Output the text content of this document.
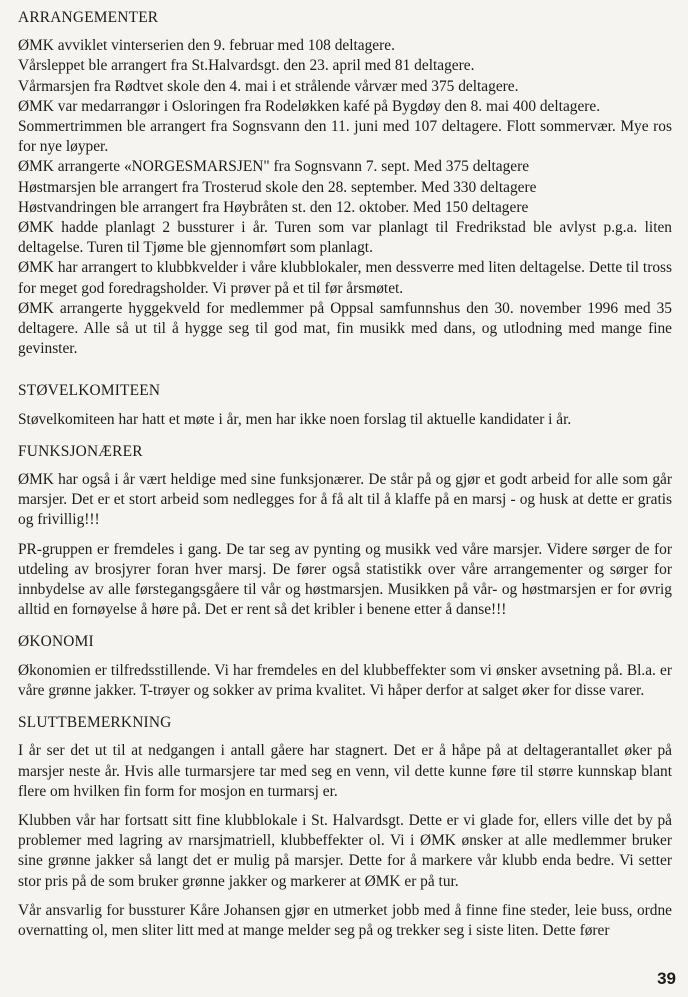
ARRANGEMENTER

ØMK avviklet vinterserien den 9. februar med 108 deltagere.

Vårsleppet ble arrangert fra St.Halvardsgt. den 23. april med 81 deltagere.

Vårmarsjen fra Rødtvet skole den 4. mai i et strålende vårvær med 375 deltagere.

ØMK var medarrangør i Osloringen fra Rodeløkken kafé på Bygdøy den 8. mai 400 deltagere.

Sommertrimmen ble arrangert fra Sognsvann den 11. juni med 107 deltagere. Flott sommervær. Mye ros for nye løyper.

ØMK arrangerte «NORGESMARSJEN" fra Sognsvann 7. sept. Med 375 deltagere

Høstmarsjen ble arrangert fra Trosterud skole den 28. september. Med 330 deltagere

Høstvandringen ble arrangert fra Høybråten st. den 12. oktober. Med 150 deltagere

ØMK hadde planlagt 2 bussturer i år. Turen som var planlagt til Fredrikstad ble avlyst p.g.a. liten deltagelse. Turen til Tjøme ble gjennomført som planlagt.

ØMK har arrangert to klubbkvelder i våre klubblokaler, men dessverre med liten deltagelse. Dette til tross for meget god foredragsholder. Vi prøver på et til før årsmøtet.

ØMK arrangerte hyggekveld for medlemmer på Oppsal samfunnshus den 30. november 1996 med 35 deltagere. Alle så ut til å hygge seg til god mat, fin musikk med dans, og utlodning med mange fine gevinster.

STØVELKOMITEEN

Støvelkomiteen har hatt et møte i år, men har ikke noen forslag til aktuelle kandidater i år.

FUNKSJONÆRER

ØMK har også i år vært heldige med sine funksjonærer. De står på og gjør et godt arbeid for alle som går marsjer. Det er et stort arbeid som nedlegges for å få alt til å klaffe på en marsj - og husk at dette er gratis og frivillig!!!

PR-gruppen er fremdeles i gang. De tar seg av pynting og musikk ved våre marsjer. Videre sørger de for utdeling av brosjyrer foran hver marsj. De fører også statistikk over våre arrangementer og sørger for innbydelse av alle førstegangsgåere til vår og høstmarsjen. Musikken på vår- og høstmarsjen er for øvrig alltid en fornøyelse å høre på. Det er rent så det kribler i benene etter å danse!!!

ØKONOMI

Økonomien er tilfredsstillende. Vi har fremdeles en del klubbeffekter som vi ønsker avsetning på. Bl.a. er våre grønne jakker. T-trøyer og sokker av prima kvalitet. Vi håper derfor at salget øker for disse varer.

SLUTTBEMERKNING

I år ser det ut til at nedgangen i antall gåere har stagnert. Det er å håpe på at deltagerantallet øker på marsjer neste år. Hvis alle turmarsjere tar med seg en venn, vil dette kunne føre til større kunnskap blant flere om hvilken fin form for mosjon en turmarsj er.

Klubben vår har fortsatt sitt fine klubblokale i St. Halvardsgt. Dette er vi glade for, ellers ville det by på problemer med lagring av rnarsjmatriell, klubbeffekter ol. Vi i ØMK ønsker at alle medlemmer bruker sine grønne jakker så langt det er mulig på marsjer. Dette for å markere vår klubb enda bedre. Vi setter stor pris på de som bruker grønne jakker og markerer at ØMK er på tur.

Vår ansvarlig for bussturer Kåre Johansen gjør en utmerket jobb med å finne fine steder, leie buss, ordne overnatting ol, men sliter litt med at mange melder seg på og trekker seg i siste liten. Dette fører

39
